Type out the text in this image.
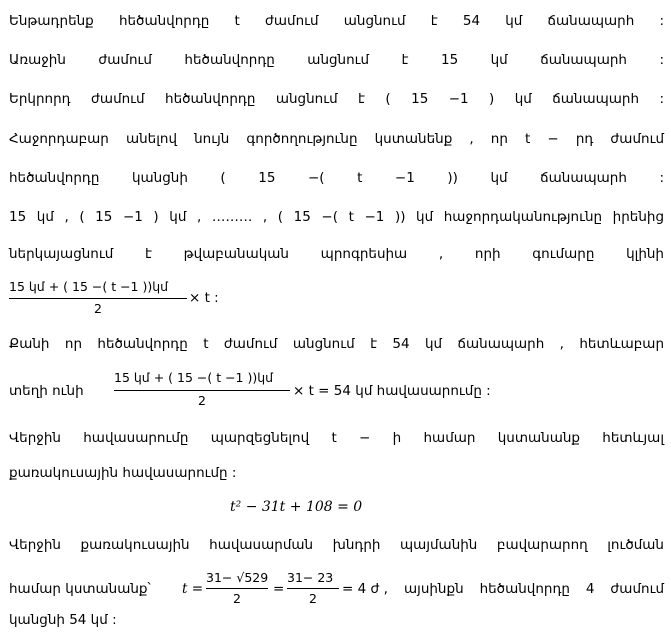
Ենթադրենք հեծանվորդը t ժամում անցնում է 54 կմ ճանապարհ :
Առաջին ժամում հեծանվորդը անցնում է 15 կմ ճանապարհ :
Երկրորդ ժամում հեծանվորդը անցնում է ( 15 −1 ) կմ ճանապարհ :
Հաջորդաբար անելով նույն գործողությունը կստանենք , որ t − րդ ժամում
հեծանվորդը կանցնի ( 15 −( t −1 )) կմ ճանապարհ :
15 կմ , ( 15 −1 ) կմ , ……… , ( 15 −( t −1 )) կմ հաջորդականությունը իրենից
ներկայացնում է թվաբանական պրոգրեսիա , որի գումարը կլինի
15 կմ + ( 15 −( t −1 ))կմ
2
× t :
Քանի որ հեծանվորդը t ժամում անցնում է 54 կմ ճանապարհ , հետևաբար
տեղի ունի
15 կմ + ( 15 −( t −1 ))կմ
2
× t = 54 կմ հավասարումը :
Վերջին հավասարումը պարզեցնելով t − ի համար կստանանք հետևյալ
քառակուսային հավասարումը :
t² − 31t + 108 = 0
Վերջին քառակուսային հավասարման խնդրի պայմանին բավարարող լուծման
համար կստանանք՝ t =
31− √529
2
=
31− 23
2
= 4 ժ , այսինքն հեծանվորդը 4 ժամում
կանցնի 54 կմ :
